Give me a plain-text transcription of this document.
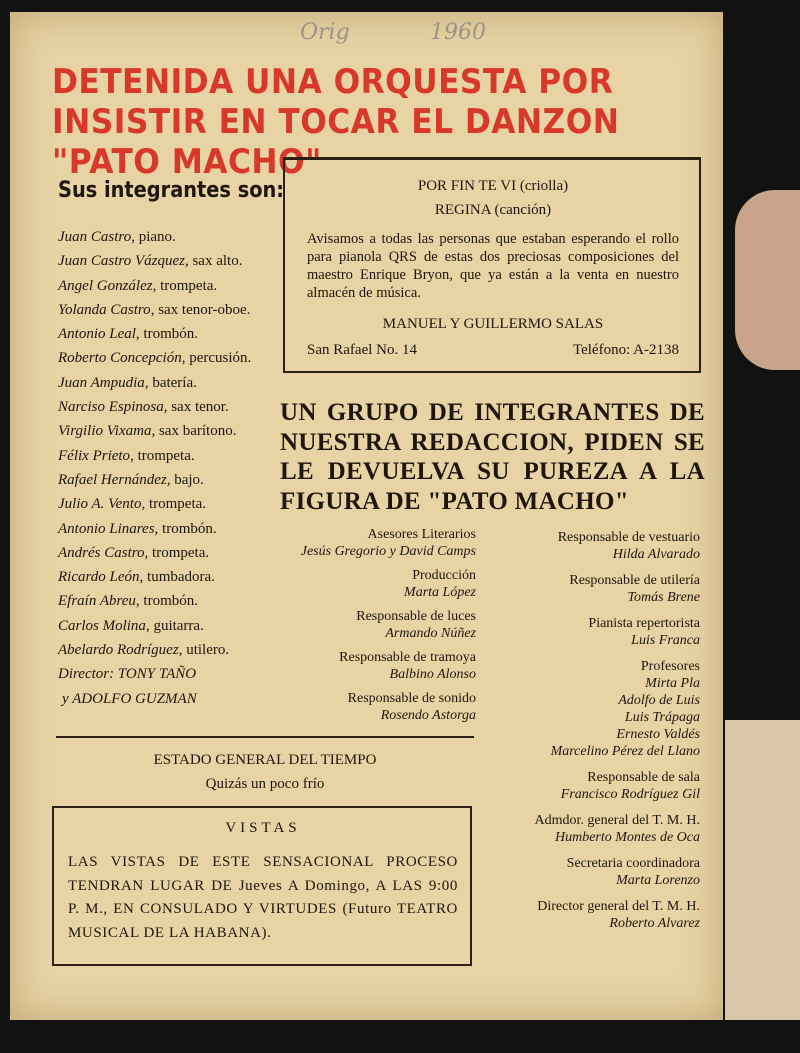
Orig	1960
DETENIDA UNA ORQUESTA POR INSISTIR EN TOCAR EL DANZON "PATO MACHO"
Sus integrantes son:
Juan Castro, piano.
Juan Castro Vázquez, sax alto.
Angel González, trompeta.
Yolanda Castro, sax tenor-oboe.
Antonio Leal, trombón.
Roberto Concepción, percusión.
Juan Ampudia, batería.
Narciso Espinosa, sax tenor.
Virgilio Vixama, sax barítono.
Félix Prieto, trompeta.
Rafael Hernández, bajo.
Julio A. Vento, trompeta.
Antonio Linares, trombón.
Andrés Castro, trompeta.
Ricardo León, tumbadora.
Efraín Abreu, trombón.
Carlos Molina, guitarra.
Abelardo Rodríguez, utilero.
Director: TONY TAÑO
y ADOLFO GUZMAN
POR FIN TE VI (criolla)
REGINA (canción)

Avisamos a todas las personas que estaban esperando el rollo para pianola QRS de estas dos preciosas composiciones del maestro Enrique Bryon, que ya están a la venta en nuestro almacén de música.

MANUEL Y GUILLERMO SALAS
San Rafael No. 14	Teléfono: A-2138
UN GRUPO DE INTEGRANTES DE NUESTRA REDACCION, PIDEN SE LE DEVUELVA SU PUREZA A LA FIGURA DE "PATO MACHO"
Asesores Literarios
Jesús Gregorio y David Camps
Producción
Marta López
Responsable de luces
Armando Núñez
Responsable de tramoya
Balbino Alonso
Responsable de sonido
Rosendo Astorga
Responsable de vestuario
Hilda Alvarado
Responsable de utilería
Tomás Brene
Pianista repertorista
Luis Franca
Profesores
Mirta Pla
Adolfo de Luis
Luis Trápaga
Ernesto Valdés
Marcelino Pérez del Llano
Responsable de sala
Francisco Rodríguez Gil
Admdor. general del T. M. H.
Humberto Montes de Oca
Secretaria coordinadora
Marta Lorenzo
Director general del T. M. H.
Roberto Alvarez
ESTADO GENERAL DEL TIEMPO
Quizás un poco frío
VISTAS
LAS VISTAS DE ESTE SENSACIONAL PROCESO TENDRAN LUGAR DE Jueves A Domingo, A LAS 9:00 P. M., EN CONSULADO Y VIRTUDES (Futuro TEATRO MUSICAL DE LA HABANA).
